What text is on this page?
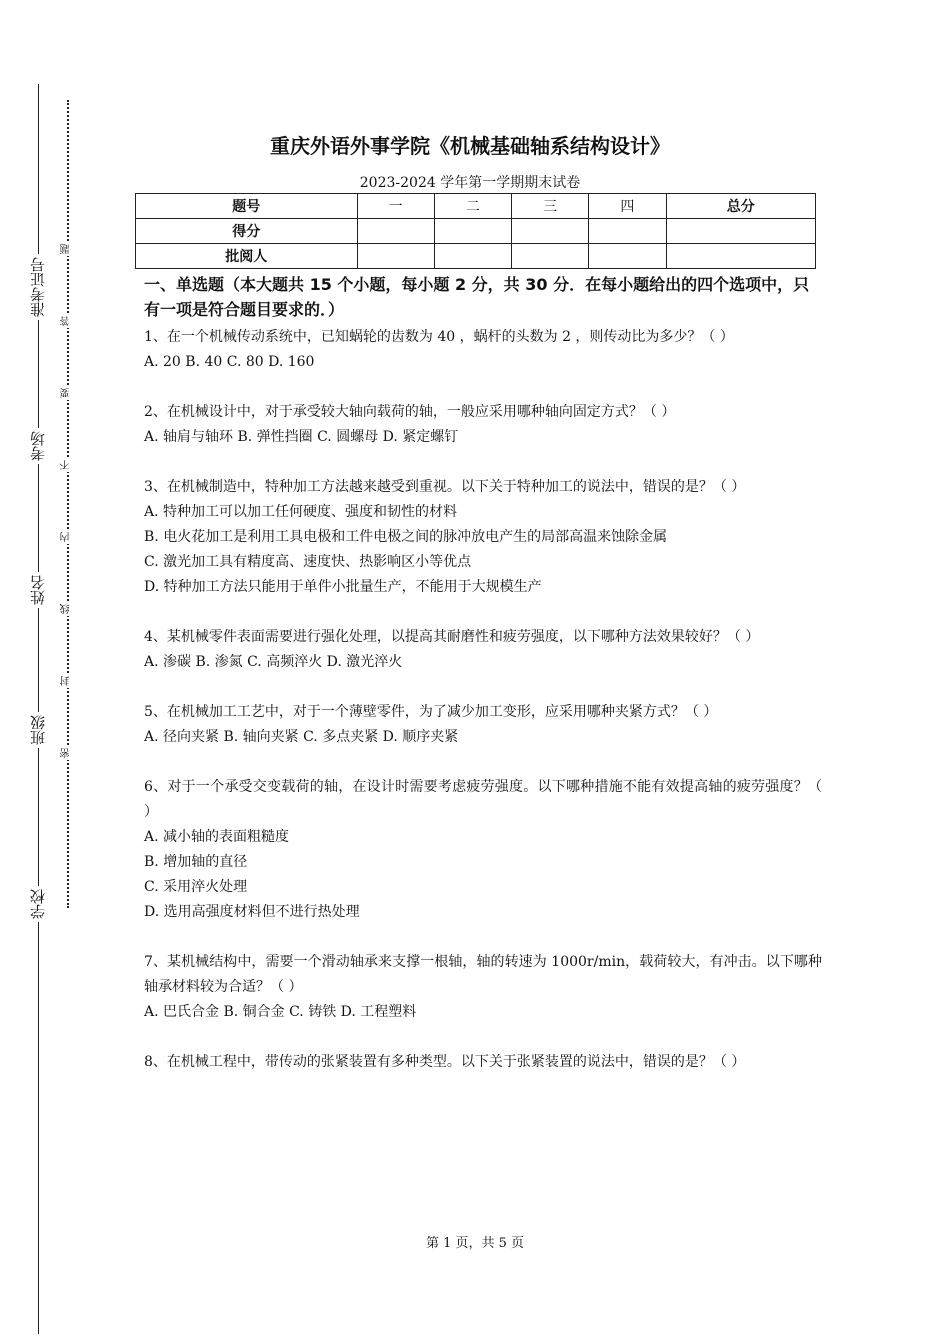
准考证号
考场
姓名
班级
学校
题
答
要
不
内
线
封
密
重庆外语外事学院《机械基础轴系结构设计》
2023-2024 学年第一学期期末试卷
题号	一	二	三	四	总分
得分					
批阅人					

一、单选题（本大题共 15 个小题，每小题 2 分，共 30 分．在每小题给出的四个选项中，只有一项是符合题目要求的．）

1、在一个机械传动系统中，已知蜗轮的齿数为 40 ，蜗杆的头数为 2 ，则传动比为多少？（ ）

A. 20 B. 40 C. 80 D. 160

2、在机械设计中，对于承受较大轴向载荷的轴，一般应采用哪种轴向固定方式？（ ）

A. 轴肩与轴环 B. 弹性挡圈 C. 圆螺母 D. 紧定螺钉

3、在机械制造中，特种加工方法越来越受到重视。以下关于特种加工的说法中，错误的是？（ ）

A. 特种加工可以加工任何硬度、强度和韧性的材料

B. 电火花加工是利用工具电极和工件电极之间的脉冲放电产生的局部高温来蚀除金属

C. 激光加工具有精度高、速度快、热影响区小等优点

D. 特种加工方法只能用于单件小批量生产，不能用于大规模生产

4、某机械零件表面需要进行强化处理，以提高其耐磨性和疲劳强度，以下哪种方法效果较好？（ ）

A. 渗碳 B. 渗氮 C. 高频淬火 D. 激光淬火

5、在机械加工工艺中，对于一个薄壁零件，为了减少加工变形，应采用哪种夹紧方式？（ ）

A. 径向夹紧 B. 轴向夹紧 C. 多点夹紧 D. 顺序夹紧

6、对于一个承受交变载荷的轴，在设计时需要考虑疲劳强度。以下哪种措施不能有效提高轴的疲劳强度？（ ）

A. 减小轴的表面粗糙度

B. 增加轴的直径

C. 采用淬火处理

D. 选用高强度材料但不进行热处理

7、某机械结构中，需要一个滑动轴承来支撑一根轴，轴的转速为 1000r/min，载荷较大，有冲击。以下哪种轴承材料较为合适？（ ）

A. 巴氏合金 B. 铜合金 C. 铸铁 D. 工程塑料

8、在机械工程中，带传动的张紧装置有多种类型。以下关于张紧装置的说法中，错误的是？（ ）

第 1 页，共 5 页
